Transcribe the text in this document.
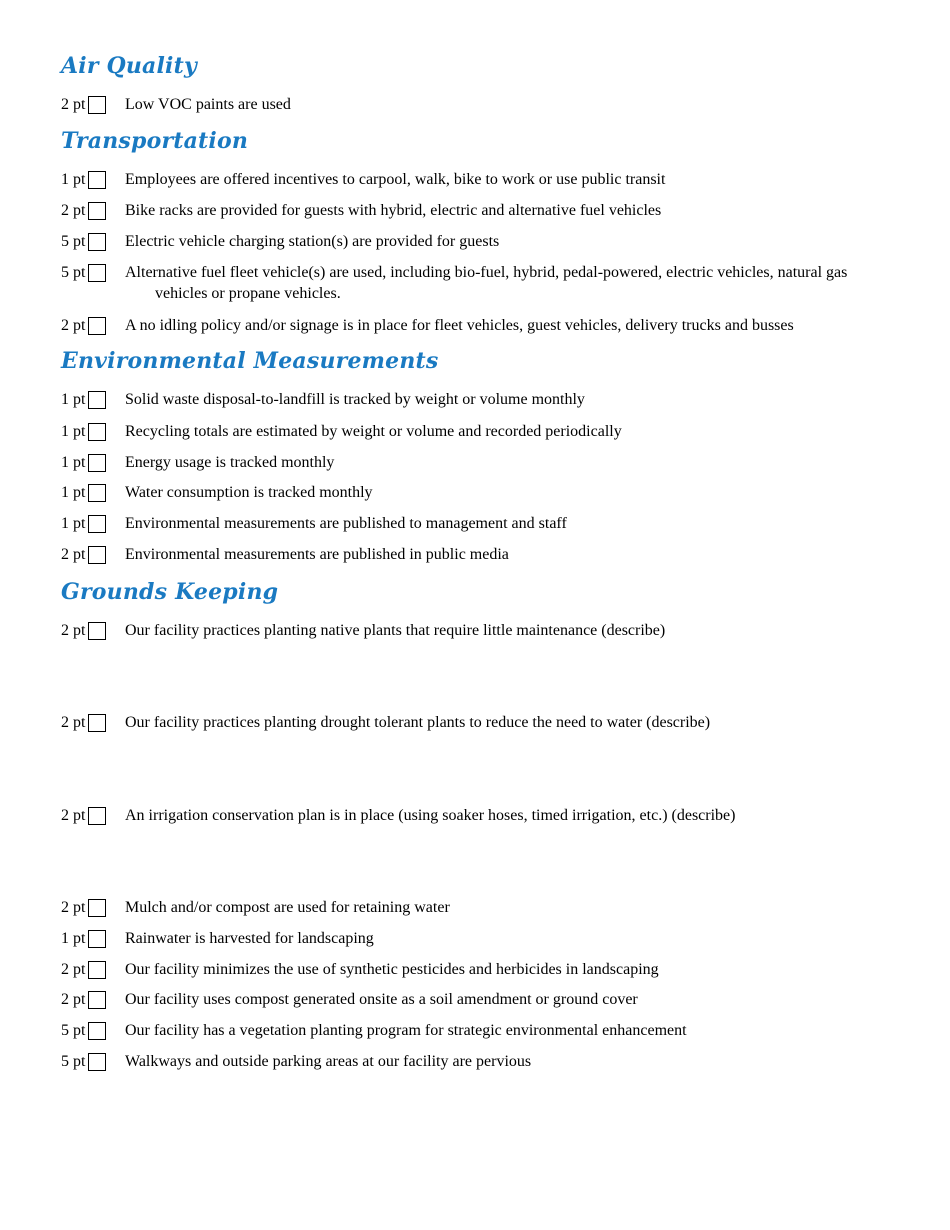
Air Quality
2 pt Low VOC paints are used
Transportation
1 pt Employees are offered incentives to carpool, walk, bike to work or use public transit
2 pt Bike racks are provided for guests with hybrid, electric and alternative fuel vehicles
5 pt Electric vehicle charging station(s) are provided for guests
5 pt Alternative fuel fleet vehicle(s) are used, including bio-fuel, hybrid, pedal-powered, electric vehicles, natural gas vehicles or propane vehicles.
2 pt A no idling policy and/or signage is in place for fleet vehicles, guest vehicles, delivery trucks and busses
Environmental Measurements
1 pt Solid waste disposal-to-landfill is tracked by weight or volume monthly
1 pt Recycling totals are estimated by weight or volume and recorded periodically
1 pt Energy usage is tracked monthly
1 pt Water consumption is tracked monthly
1 pt Environmental measurements are published to management and staff
2 pt Environmental measurements are published in public media
Grounds Keeping
2 pt Our facility practices planting native plants that require little maintenance (describe)
2 pt Our facility practices planting drought tolerant plants to reduce the need to water (describe)
2 pt An irrigation conservation plan is in place (using soaker hoses, timed irrigation, etc.) (describe)
2 pt Mulch and/or compost are used for retaining water
1 pt Rainwater is harvested for landscaping
2 pt Our facility minimizes the use of synthetic pesticides and herbicides in landscaping
2 pt Our facility uses compost generated onsite as a soil amendment or ground cover
5 pt Our facility has a vegetation planting program for strategic environmental enhancement
5 pt Walkways and outside parking areas at our facility are pervious
